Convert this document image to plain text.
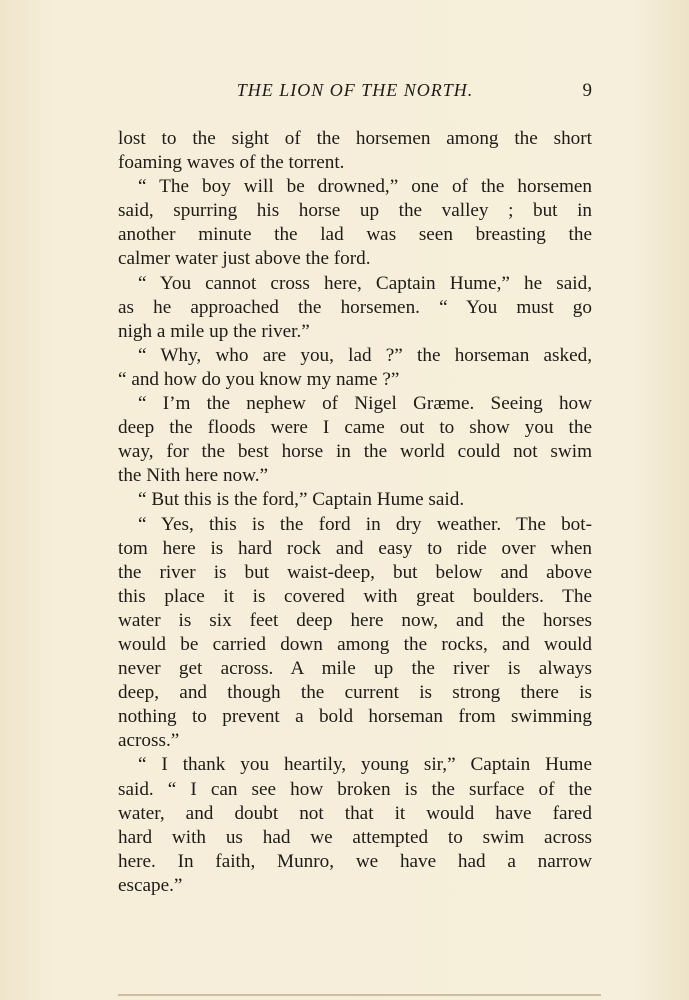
THE LION OF THE NORTH.	9
lost to the sight of the horsemen among the short
foaming waves of the torrent.
“ The boy will be drowned,” one of the horsemen
said, spurring his horse up the valley ; but in
another minute the lad was seen breasting the
calmer water just above the ford.
“ You cannot cross here, Captain Hume,” he said,
as he approached the horsemen. “ You must go
nigh a mile up the river.”
“ Why, who are you, lad ?” the horseman asked,
“ and how do you know my name ?”
“ I’m the nephew of Nigel Græme. Seeing how
deep the floods were I came out to show you the
way, for the best horse in the world could not swim
the Nith here now.”
“ But this is the ford,” Captain Hume said.
“ Yes, this is the ford in dry weather. The bot-
tom here is hard rock and easy to ride over when
the river is but waist-deep, but below and above
this place it is covered with great boulders. The
water is six feet deep here now, and the horses
would be carried down among the rocks, and would
never get across. A mile up the river is always
deep, and though the current is strong there is
nothing to prevent a bold horseman from swimming
across.”
“ I thank you heartily, young sir,” Captain Hume
said. “ I can see how broken is the surface of the
water, and doubt not that it would have fared
hard with us had we attempted to swim across
here. In faith, Munro, we have had a narrow
escape.”
